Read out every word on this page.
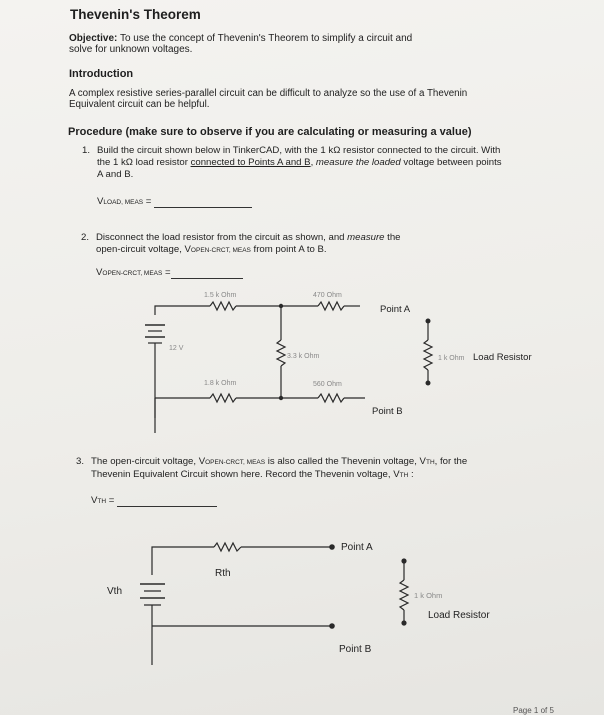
Thevenin's Theorem
Objective: To use the concept of Thevenin's Theorem to simplify a circuit and
solve for unknown voltages.
Introduction
A complex resistive series-parallel circuit can be difficult to analyze so the use of a Thevenin
Equivalent circuit can be helpful.
Procedure (make sure to observe if you are calculating or measuring a value)
1. Build the circuit shown below in TinkerCAD, with the 1 kΩ resistor connected to the circuit. With
the 1 kΩ load resistor connected to Points A and B, measure the loaded voltage between points
A and B.
VLOAD, MEAS =
2. Disconnect the load resistor from the circuit as shown, and measure the
open-circuit voltage, VOPEN-CRCT, MEAS from point A to B.
VOPEN-CRCT, MEAS =
3. The open-circuit voltage, VOPEN-CRCT, MEAS is also called the Thevenin voltage, VTH, for the
Thevenin Equivalent Circuit shown here. Record the Thevenin voltage, VTH :
VTH =
1.5 k Ohm	470 Ohm
3.3 k Ohm
1.8 k Ohm	560 Ohm
12 V
Point A
Point B
1 k Ohm Load Resistor
Rth
Vth
Point A
Point B
1 k Ohm
Load Resistor
Page 1 of 5
